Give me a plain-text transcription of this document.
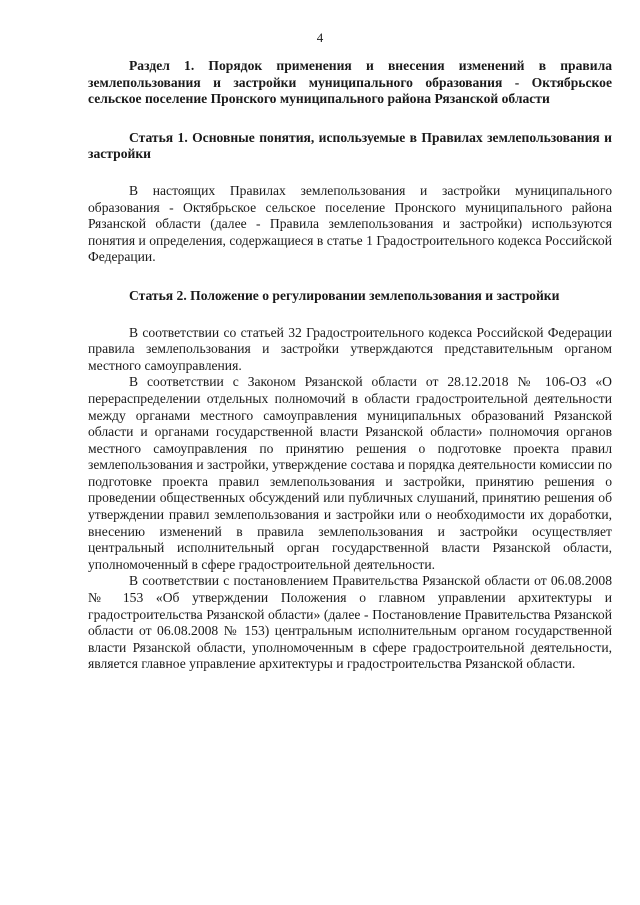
4

Раздел 1. Порядок применения и внесения изменений в правила землепользования и застройки муниципального образования - Октябрьское сельское поселение Пронского муниципального района Рязанской области

Статья 1. Основные понятия, используемые в Правилах землепользования и застройки

В настоящих Правилах землепользования и застройки муниципального образования - Октябрьское сельское поселение Пронского муниципального района Рязанской области (далее - Правила землепользования и застройки) используются понятия и определения, содержащиеся в статье 1 Градостроительного кодекса Российской Федерации.

Статья 2. Положение о регулировании землепользования и застройки

В соответствии со статьей 32 Градостроительного кодекса Российской Федерации правила землепользования и застройки утверждаются представительным органом местного самоуправления.

В соответствии с Законом Рязанской области от 28.12.2018 № 106-ОЗ «О перераспределении отдельных полномочий в области градостроительной деятельности между органами местного самоуправления муниципальных образований Рязанской области и органами государственной власти Рязанской области» полномочия органов местного самоуправления по принятию решения о подготовке проекта правил землепользования и застройки, утверждение состава и порядка деятельности комиссии по подготовке проекта правил землепользования и застройки, принятию решения о проведении общественных обсуждений или публичных слушаний, принятию решения об утверждении правил землепользования и застройки или о необходимости их доработки, внесению изменений в правила землепользования и застройки осуществляет центральный исполнительный орган государственной власти Рязанской области, уполномоченный в сфере градостроительной деятельности.

В соответствии с постановлением Правительства Рязанской области от 06.08.2008 № 153 «Об утверждении Положения о главном управлении архитектуры и градостроительства Рязанской области» (далее - Постановление Правительства Рязанской области от 06.08.2008 № 153) центральным исполнительным органом государственной власти Рязанской области, уполномоченным в сфере градостроительной деятельности, является главное управление архитектуры и градостроительства Рязанской области.
